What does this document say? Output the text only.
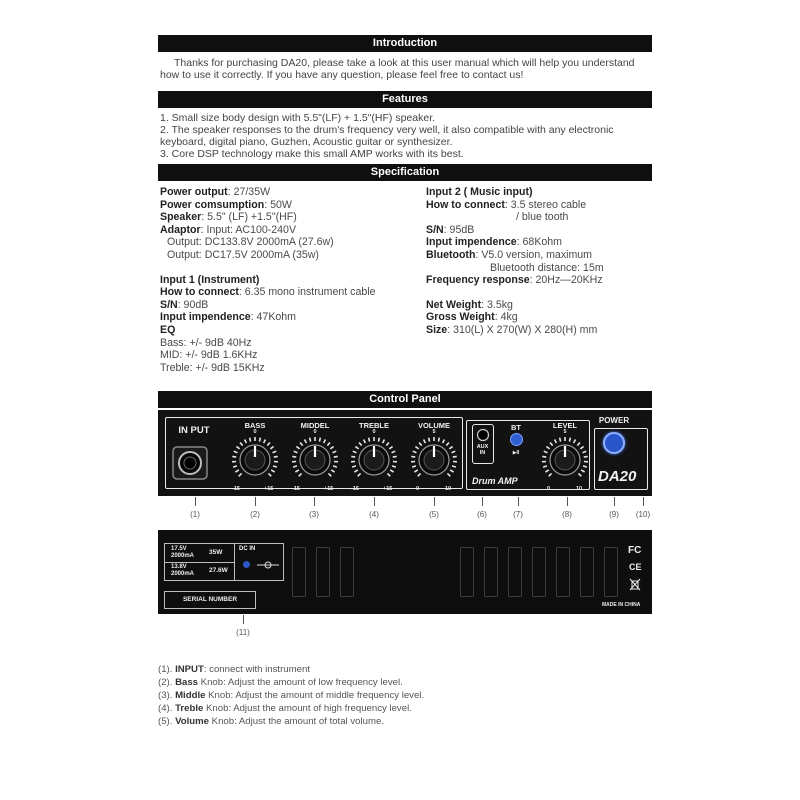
Introduction
Thanks for purchasing DA20, please take a look at this user manual which will help you understand how to use it correctly. If you have any question, please feel free to contact us!
Features
1. Small size body design with 5.5"(LF) + 1.5"(HF) speaker.
2. The speaker responses to the drum's frequency very well, it also compatible with any electronic keyboard, digital piano, Guzhen, Acoustic guitar or synthesizer.
3. Core DSP technology make this small AMP works with its best.
Specification
Power output: 27/35W
Power comsumption: 50W
Speaker: 5.5" (LF) +1.5"(HF)
Adaptor: Input: AC100-240V
Output: DC133.8V 2000mA (27.6w)
Output: DC17.5V 2000mA (35w)
Input 1 (Instrument)
How to connect: 6.35 mono instrument cable
S/N: 90dB
Input impendence: 47Kohm
EQ
Bass: +/- 9dB 40Hz
MID: +/- 9dB 1.6KHz
Treble: +/- 9dB 15KHz
Input 2 ( Music input)
How to connect: 3.5 stereo cable
/ blue tooth
S/N: 95dB
Input impendence: 68Kohm
Bluetooth: V5.0 version, maximum
Bluetooth distance: 15m
Frequency response: 20Hz—20KHz
Net Weight: 3.5kg
Gross Weight: 4kg
Size: 310(L) X 270(W) X 280(H) mm
Control Panel
IN PUT	BASS
0
-15	+15
MIDDEL
0
-15	+15
TREBLE
0
-15	+15
VOLUME
5
0	10
AUX
IN
BT
▶II
LEVEL
5
0	10
Drum AMP
POWER
DA20
(1)	(2)	(3)	(4)	(5)	(6)	(7)	(8)	(9)	(10)
17.5V
2000mA 35W
13.8V
2000mA 27.6W
DC IN
SERIAL NUMBER
FC
CE
MADE IN CHINA
(11)
(1). INPUT: connect with instrument
(2). Bass Knob: Adjust the amount of low frequency level.
(3). Middle Knob: Adjust the amount of middle frequency level.
(4). Treble Knob: Adjust the amount of high frequency level.
(5). Volume Knob: Adjust the amount of total volume.
